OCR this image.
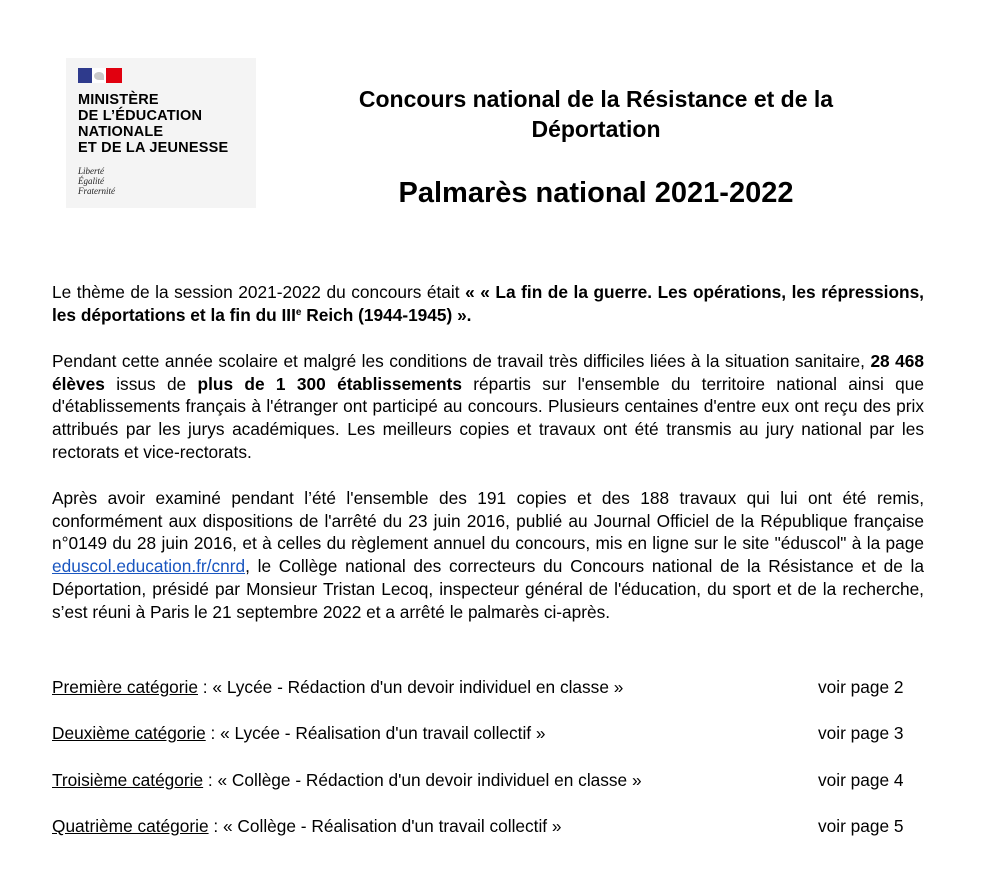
MINISTÈRE
DE L’ÉDUCATION
NATIONALE
ET DE LA JEUNESSE
Liberté
Égalité
Fraternité
Concours national de la Résistance et de la Déportation
Palmarès national 2021-2022
Le thème de la session 2021-2022 du concours était « « La fin de la guerre. Les opérations, les répressions, les déportations et la fin du IIIe Reich (1944-1945) ».
Pendant cette année scolaire et malgré les conditions de travail très difficiles liées à la situation sanitaire, 28 468 élèves issus de plus de 1 300 établissements répartis sur l'ensemble du territoire national ainsi que d'établissements français à l'étranger ont participé au concours. Plusieurs centaines d'entre eux ont reçu des prix attribués par les jurys académiques. Les meilleurs copies et travaux ont été transmis au jury national par les rectorats et vice-rectorats.
Après avoir examiné pendant l’été l'ensemble des 191 copies et des 188 travaux qui lui ont été remis, conformément aux dispositions de l'arrêté du 23 juin 2016, publié au Journal Officiel de la République française n°0149 du 28 juin 2016, et à celles du règlement annuel du concours, mis en ligne sur le site "éduscol" à la page eduscol.education.fr/cnrd, le Collège national des correcteurs du Concours national de la Résistance et de la Déportation, présidé par Monsieur Tristan Lecoq, inspecteur général de l'éducation, du sport et de la recherche, s’est réuni à Paris le 21 septembre 2022 et a arrêté le palmarès ci-après.
Première catégorie : « Lycée - Rédaction d'un devoir individuel en classe »	voir page 2
Deuxième catégorie : « Lycée - Réalisation d'un travail collectif »	voir page 3
Troisième catégorie : « Collège - Rédaction d'un devoir individuel en classe »	voir page 4
Quatrième catégorie : « Collège - Réalisation d'un travail collectif »	voir page 5
